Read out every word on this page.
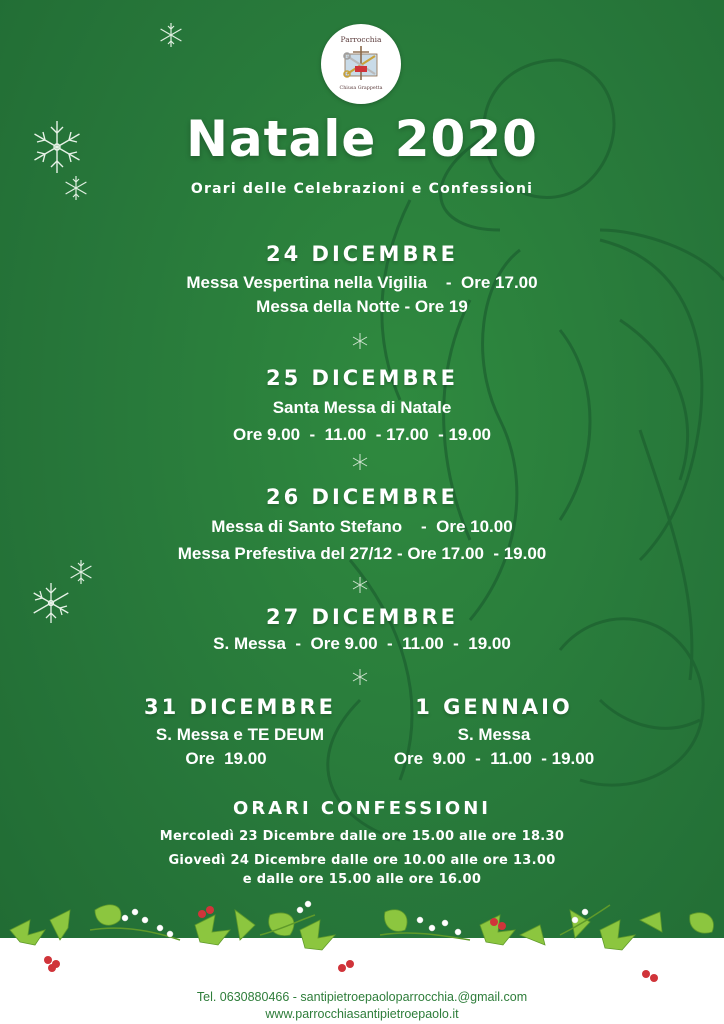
Parrocchia
Chiusa Grappetta
Natale 2020
Orari delle Celebrazioni e Confessioni
24 DICEMBRE
Messa Vespertina nella Vigilia    -  Ore 17.00
Messa della Notte - Ore 19
25 DICEMBRE
Santa Messa di Natale
Ore 9.00  -  11.00  - 17.00  - 19.00
26 DICEMBRE
Messa di Santo Stefano    -  Ore 10.00
Messa Prefestiva del 27/12 - Ore 17.00  - 19.00
27 DICEMBRE
S. Messa  -  Ore 9.00  -  11.00  -  19.00
31 DICEMBRE
S. Messa e TE DEUM
Ore  19.00
1 GENNAIO
S. Messa
Ore  9.00  -  11.00  - 19.00
ORARI CONFESSIONI
Mercoledì 23 Dicembre dalle ore 15.00 alle ore 18.30
Giovedì 24 Dicembre dalle ore 10.00 alle ore 13.00
e dalle ore 15.00 alle ore 16.00
Tel. 0630880466 - santipietroepaoloparrocchia.@gmail.com
www.parrocchiasantipietroepaolo.it
